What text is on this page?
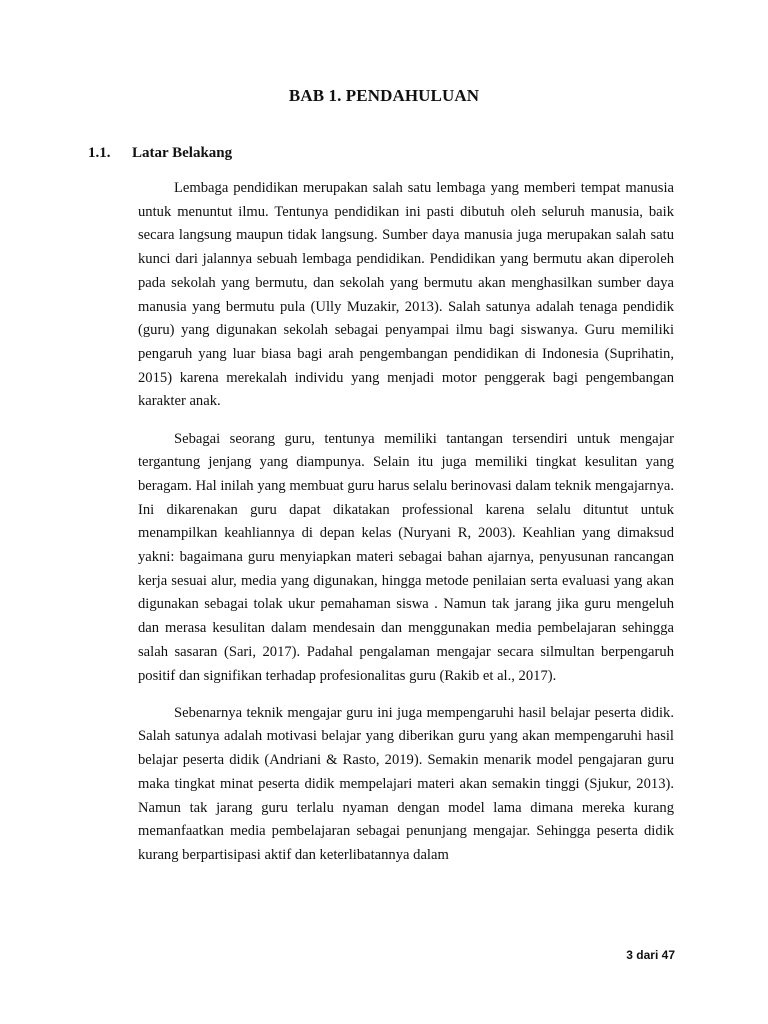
BAB 1. PENDAHULUAN
1.1. Latar Belakang

Lembaga pendidikan merupakan salah satu lembaga yang memberi tempat manusia untuk menuntut ilmu. Tentunya pendidikan ini pasti dibutuh oleh seluruh manusia, baik secara langsung maupun tidak langsung. Sumber daya manusia juga merupakan salah satu kunci dari jalannya sebuah lembaga pendidikan. Pendidikan yang bermutu akan diperoleh pada sekolah yang bermutu, dan sekolah yang bermutu akan menghasilkan sumber daya manusia yang bermutu pula (Ully Muzakir, 2013). Salah satunya adalah tenaga pendidik (guru) yang digunakan sekolah sebagai penyampai ilmu bagi siswanya. Guru memiliki pengaruh yang luar biasa bagi arah pengembangan pendidikan di Indonesia (Suprihatin, 2015) karena merekalah individu yang menjadi motor penggerak bagi pengembangan karakter anak.

Sebagai seorang guru, tentunya memiliki tantangan tersendiri untuk mengajar tergantung jenjang yang diampunya. Selain itu juga memiliki tingkat kesulitan yang beragam. Hal inilah yang membuat guru harus selalu berinovasi dalam teknik mengajarnya. Ini dikarenakan guru dapat dikatakan professional karena selalu dituntut untuk menampilkan keahliannya di depan kelas (Nuryani R, 2003). Keahlian yang dimaksud yakni: bagaimana guru menyiapkan materi sebagai bahan ajarnya, penyusunan rancangan kerja sesuai alur, media yang digunakan, hingga metode penilaian serta evaluasi yang akan digunakan sebagai tolak ukur pemahaman siswa . Namun tak jarang jika guru mengeluh dan merasa kesulitan dalam mendesain dan menggunakan media pembelajaran sehingga salah sasaran (Sari, 2017). Padahal pengalaman mengajar secara silmultan berpengaruh positif dan signifikan terhadap profesionalitas guru (Rakib et al., 2017).

Sebenarnya teknik mengajar guru ini juga mempengaruhi hasil belajar peserta didik. Salah satunya adalah motivasi belajar yang diberikan guru yang akan mempengaruhi hasil belajar peserta didik (Andriani & Rasto, 2019). Semakin menarik model pengajaran guru maka tingkat minat peserta didik mempelajari materi akan semakin tinggi (Sjukur, 2013). Namun tak jarang guru terlalu nyaman dengan model lama dimana mereka kurang memanfaatkan media pembelajaran sebagai penunjang mengajar. Sehingga peserta didik kurang berpartisipasi aktif dan keterlibatannya dalam

3 dari 47
